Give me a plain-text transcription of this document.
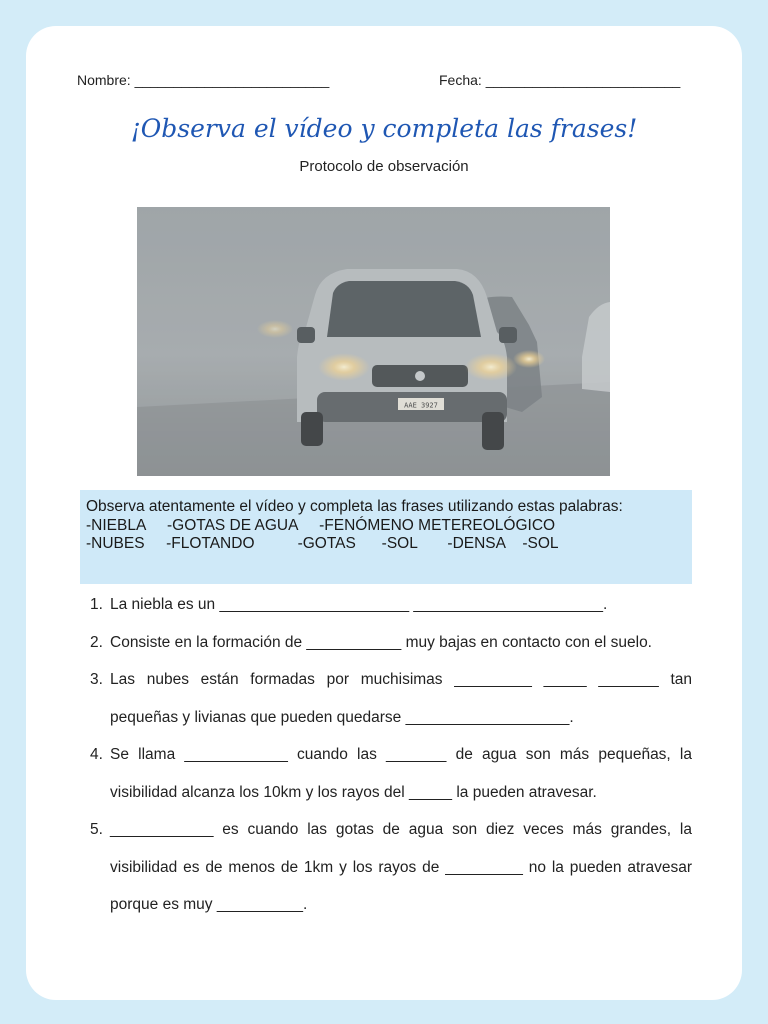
Nombre: _________________________	Fecha: _________________________
¡Observa el vídeo y completa las frases!
Protocolo de observación
AAE 3927
Observa atentamente el vídeo y completa las frases utilizando estas palabras:
-NIEBLA     -GOTAS DE AGUA     -FENÓMENO METEREOLÓGICO
-NUBES     -FLOTANDO          -GOTAS      -SOL       -DENSA    -SOL
1. La niebla es un ______________________ ______________________.
2. Consiste en la formación de ___________ muy bajas en contacto con el suelo.
3. Las nubes están formadas por muchisimas _________ _____ _______ tan pequeñas y livianas que pueden quedarse ___________________.
4. Se llama ____________ cuando las _______ de agua son más pequeñas, la visibilidad alcanza los 10km y los rayos del _____ la pueden atravesar.
5. ____________ es cuando las gotas de agua son diez veces más grandes, la visibilidad es de menos de 1km y los rayos de _________ no la pueden atravesar porque es muy __________.
